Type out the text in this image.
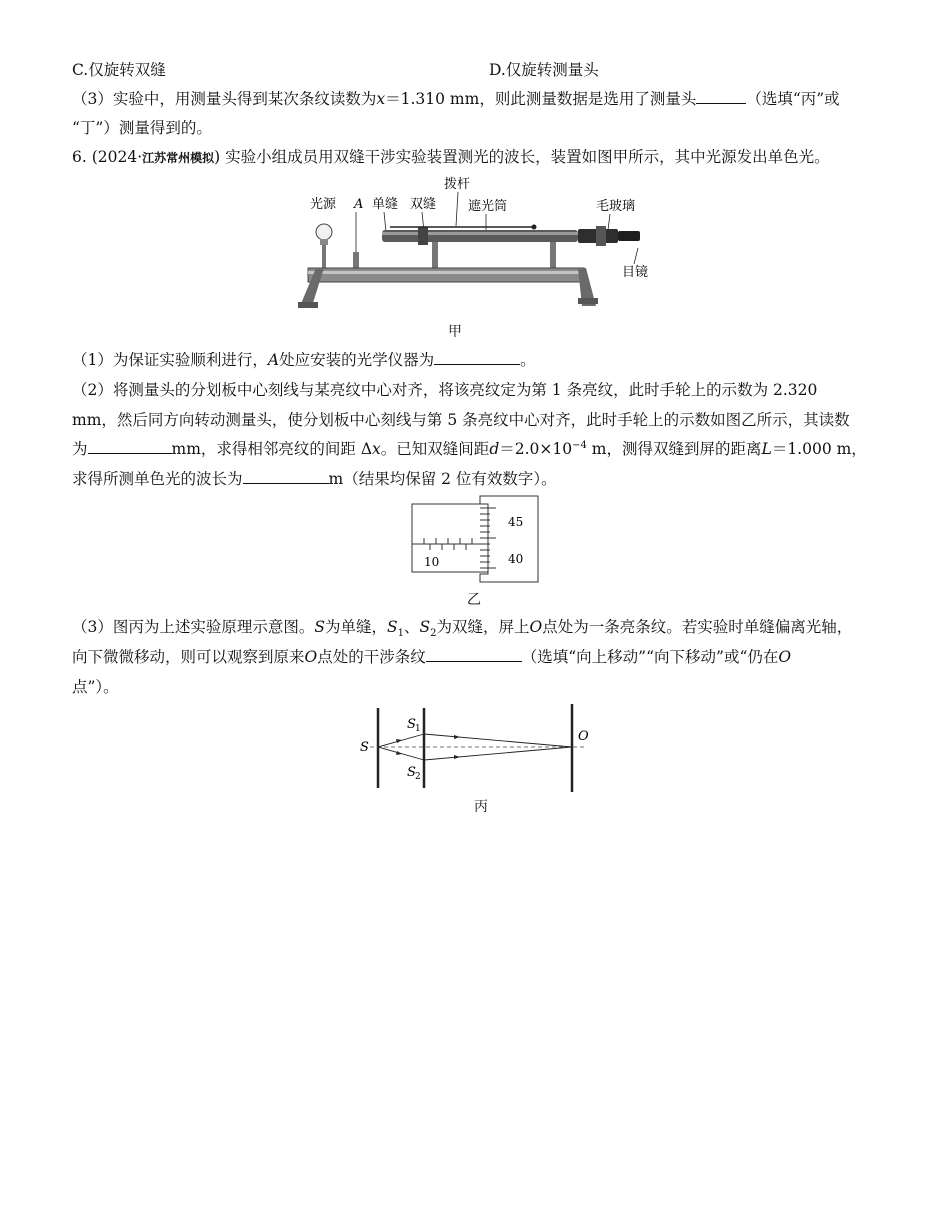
C.仅旋转双缝	D.仅旋转测量头
（3）实验中，用测量头得到某次条纹读数为x＝1.310 mm，则此测量数据是选用了测量头	（选填“丙”或
“丁”）测量得到的。
6. (2024·江苏常州模拟) 实验小组成员用双缝干涉实验装置测光的波长，装置如图甲所示，其中光源发出单色光。
光源 A 单缝 双缝
拨杆
遮光筒	毛玻璃
目镜
甲
（1）为保证实验顺利进行，A处应安装的光学仪器为	。
（2）将测量头的分划板中心刻线与某亮纹中心对齐，将该亮纹定为第 1 条亮纹，此时手轮上的示数为 2.320
mm，然后同方向转动测量头，使分划板中心刻线与第 5 条亮纹中心对齐，此时手轮上的示数如图乙所示，其读数
为	mm，求得相邻亮纹的间距 Δx。已知双缝间距$d=2.0\times 10^{-4}$ m，测得双缝到屏的距离L＝1.000 m，
求得所测单色光的波长为	m（结果均保留 2 位有效数字）。
10
45
40
乙
（3）图丙为上述实验原理示意图。S为单缝，$S_1$、$S_2$为双缝，屏上O点处为一条亮条纹。若实验时单缝偏离光轴，
向下微微移动，则可以观察到原来O点处的干涉条纹	（选填“向上移动”“向下移动”或“仍在O
点”）。
S
S 1
S 2
O
丙
